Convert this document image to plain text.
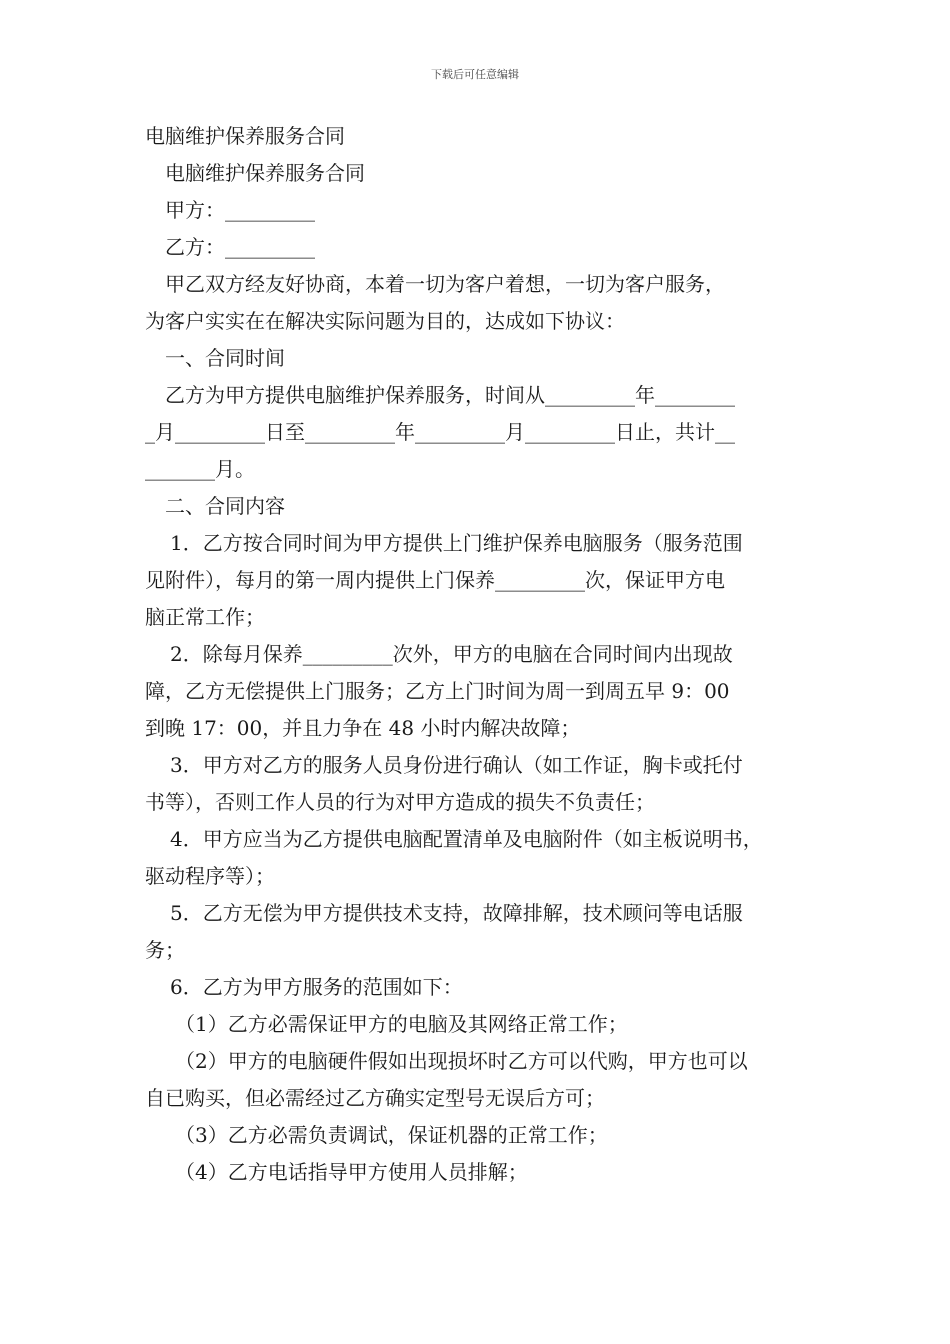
下载后可任意编辑
电脑维护保养服务合同
电脑维护保养服务合同
甲方：_________
乙方：_________
甲乙双方经友好协商，本着一切为客户着想，一切为客户服务，
为客户实实在在解决实际问题为目的，达成如下协议：
一、合同时间
乙方为甲方提供电脑维护保养服务，时间从_________年________
_月_________日至_________年_________月_________日止，共计__
_______月。
二、合同内容
1．乙方按合同时间为甲方提供上门维护保养电脑服务（服务范围
见附件），每月的第一周内提供上门保养_________次，保证甲方电
脑正常工作；
2．除每月保养_________次外，甲方的电脑在合同时间内出现故
障，乙方无偿提供上门服务；乙方上门时间为周一到周五早 9：00
到晚 17：00，并且力争在 48 小时内解决故障；
3．甲方对乙方的服务人员身份进行确认（如工作证，胸卡或托付
书等），否则工作人员的行为对甲方造成的损失不负责任；
4．甲方应当为乙方提供电脑配置清单及电脑附件（如主板说明书，
驱动程序等）；
5．乙方无偿为甲方提供技术支持，故障排解，技术顾问等电话服
务；
6．乙方为甲方服务的范围如下：
（1）乙方必需保证甲方的电脑及其网络正常工作；
（2）甲方的电脑硬件假如出现损坏时乙方可以代购，甲方也可以
自已购买，但必需经过乙方确实定型号无误后方可；
（3）乙方必需负责调试，保证机器的正常工作；
（4）乙方电话指导甲方使用人员排解；
